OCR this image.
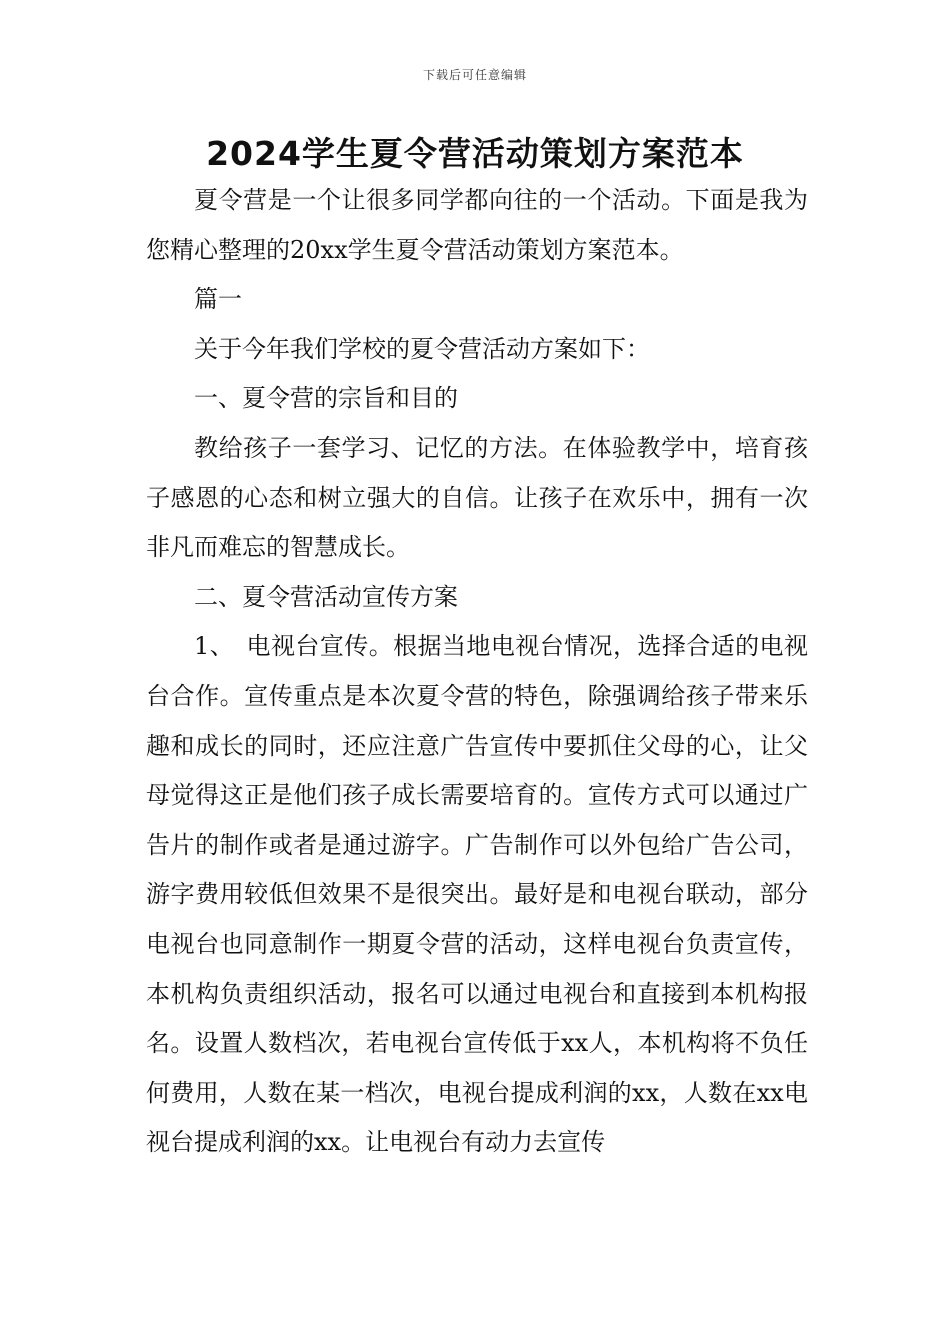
下载后可任意编辑
2024学生夏令营活动策划方案范本

夏令营是一个让很多同学都向往的一个活动。下面是我为您精心整理的20xx学生夏令营活动策划方案范本。

篇一

关于今年我们学校的夏令营活动方案如下：

一、夏令营的宗旨和目的

教给孩子一套学习、记忆的方法。在体验教学中，培育孩子感恩的心态和树立强大的自信。让孩子在欢乐中，拥有一次非凡而难忘的智慧成长。

二、夏令营活动宣传方案

1、　电视台宣传。根据当地电视台情况，选择合适的电视台合作。宣传重点是本次夏令营的特色，除强调给孩子带来乐趣和成长的同时，还应注意广告宣传中要抓住父母的心，让父母觉得这正是他们孩子成长需要培育的。宣传方式可以通过广告片的制作或者是通过游字。广告制作可以外包给广告公司，游字费用较低但效果不是很突出。最好是和电视台联动，部分电视台也同意制作一期夏令营的活动，这样电视台负责宣传，本机构负责组织活动，报名可以通过电视台和直接到本机构报名。设置人数档次，若电视台宣传低于xx人，本机构将不负任何费用，人数在某一档次，电视台提成利润的xx，人数在xx电视台提成利润的xx。让电视台有动力去宣传
